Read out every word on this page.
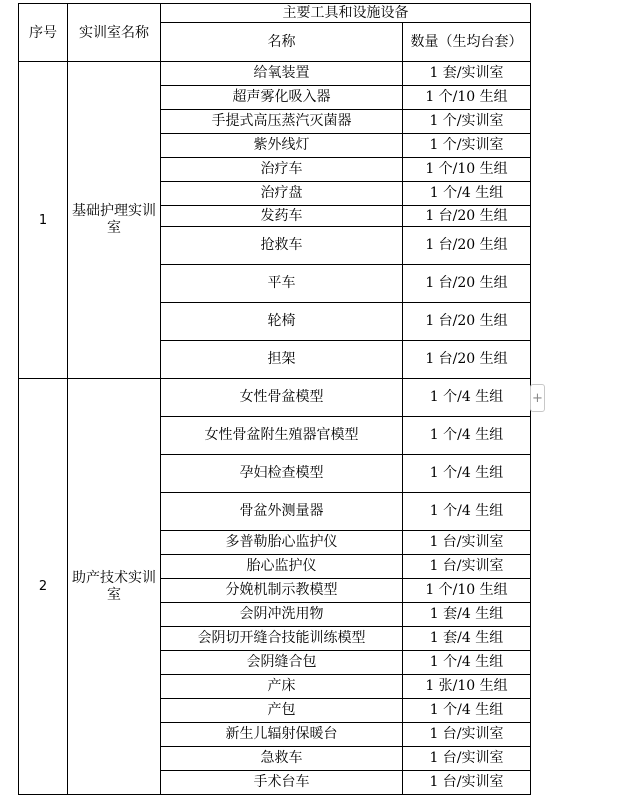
序号	实训室名称	主要工具和设施设备	
		名称	数量（生均台套）
1	基础护理实训室	给氧装置	1 套/实训室
		超声雾化吸入器	1 个/10 生组
		手提式高压蒸汽灭菌器	1 个/实训室
		紫外线灯	1 个/实训室
		治疗车	1 个/10 生组
		治疗盘	1 个/4 生组
		发药车	1 台/20 生组
		抢救车	1 台/20 生组
		平车	1 台/20 生组
		轮椅	1 台/20 生组
		担架	1 台/20 生组
2	助产技术实训室	女性骨盆模型	1 个/4 生组
		女性骨盆附生殖器官模型	1 个/4 生组
		孕妇检查模型	1 个/4 生组
		骨盆外测量器	1 个/4 生组
		多普勒胎心监护仪	1 台/实训室
		胎心监护仪	1 台/实训室
		分娩机制示教模型	1 个/10 生组
		会阴冲洗用物	1 套/4 生组
		会阴切开缝合技能训练模型	1 套/4 生组
		会阴缝合包	1 个/4 生组
		产床	1 张/10 生组
		产包	1 个/4 生组
		新生儿辐射保暖台	1 台/实训室
		急救车	1 台/实训室
		手术台车	1 台/实训室
+
